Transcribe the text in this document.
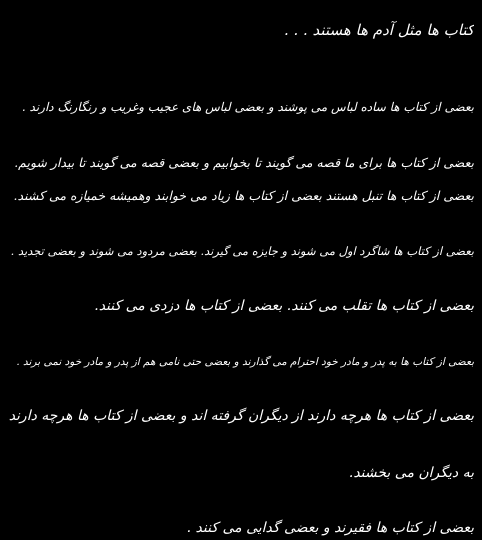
کتاب ها مثل آدم ها هستند . . .
بعضی از کتاب ها ساده لباس می پوشند و بعضی لباس های عجیب وغریب و رنگارنگ دارند .
بعضی از کتاب ها برای ما قصه می گویند تا بخوابیم و بعضی قصه می گویند تا بیدار شویم.
بعضی از کتاب ها تنبل هستند بعضی از کتاب ها زیاد می خوابند وهمیشه خمیازه می کشند.
بعضی از کتاب ها شاگرد اول می شوند و جایزه می گیرند. بعضی مردود می شوند و بعضی تجدید .
بعضی از کتاب ها تقلب می کنند. بعضی از کتاب ها دزدی می کنند.
بعضی از کتاب ها به پدر و مادر خود احترام می گذارند و بعضی حتی نامی هم از پدر و مادر خود نمی برند .
بعضی از کتاب ها هرچه دارند از دیگران گرفته اند و بعضی از کتاب ها هرچه دارند
به دیگران می بخشند.
بعضی از کتاب ها فقیرند و بعضی گدایی می کنند .
